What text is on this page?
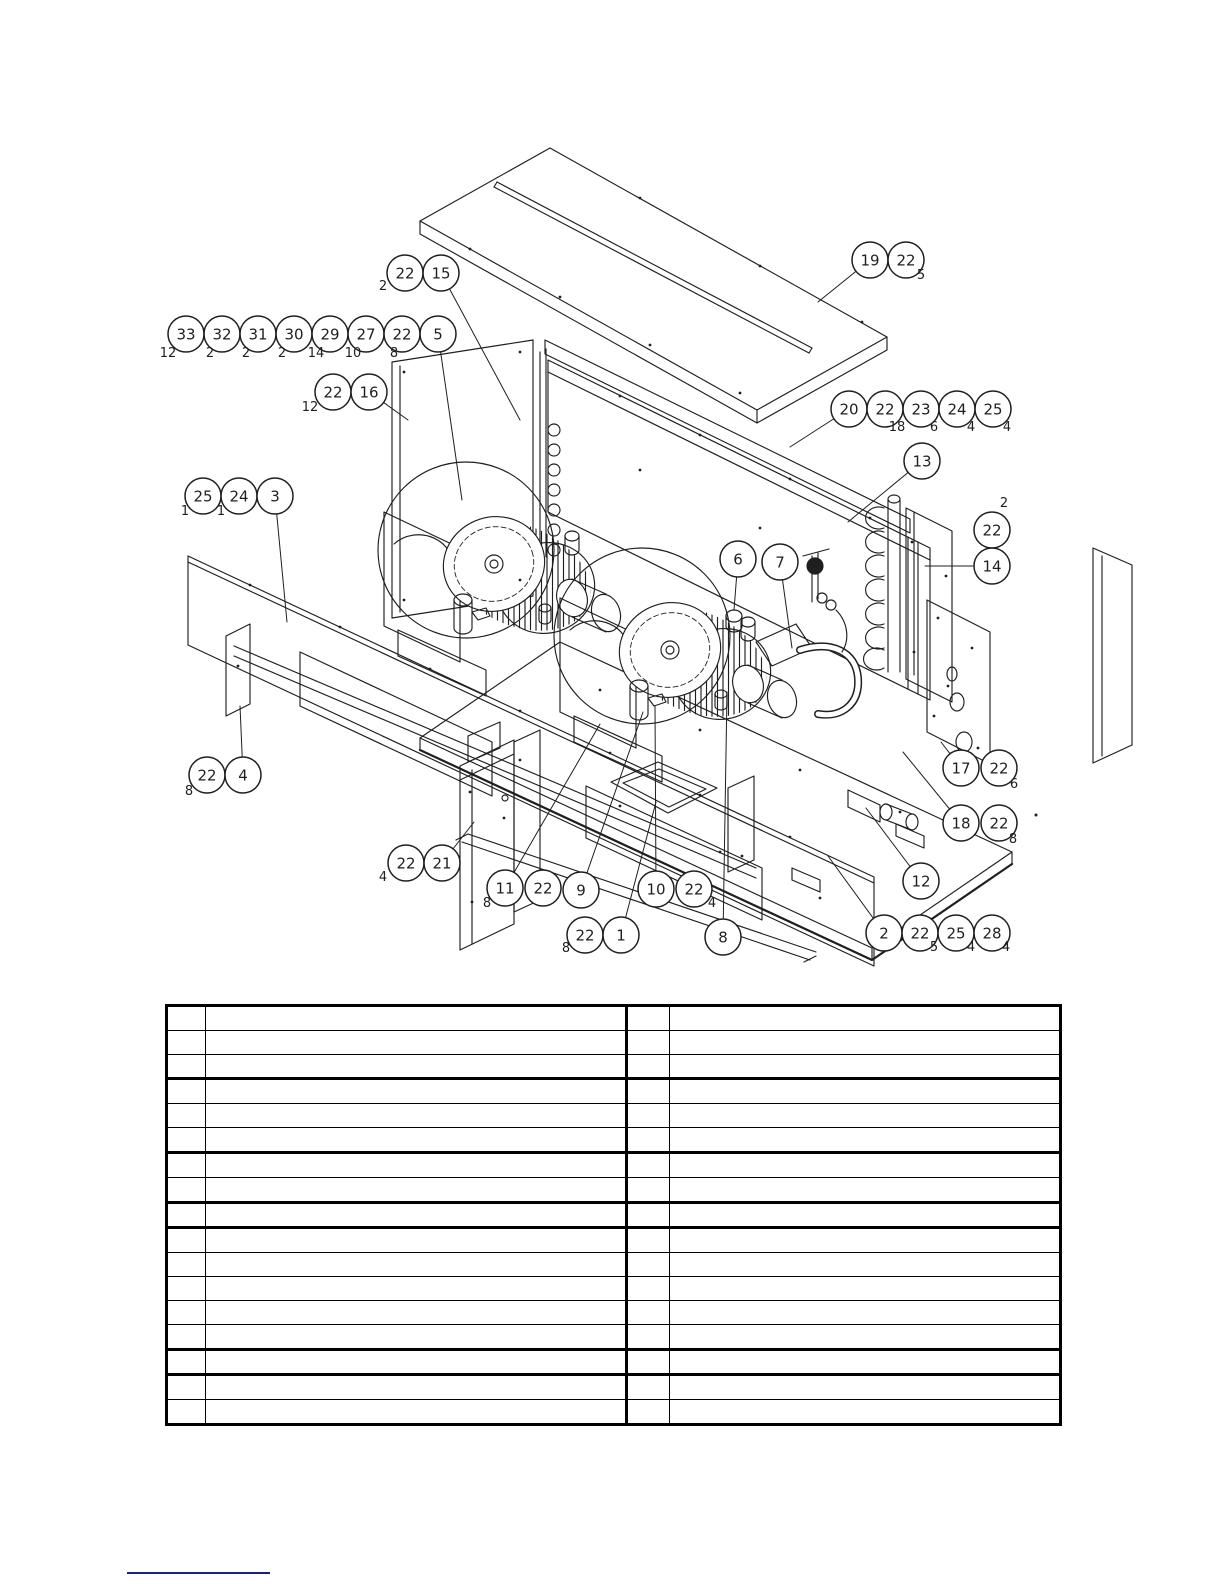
22
2
15
33
12
32
2
31
2
30
2
29
14
27
10
22
8
5
22
12
16
19 22
5
20 22
18
23
6
24
4
25
4
13
22
2
14
25
1
24
1
3
6 7
22
8
4
22
4
21
11
8
22 9	10 22
4
22
8
1	8
17 22
6
18 22
8
12
2 22
5
25
4
28
4
